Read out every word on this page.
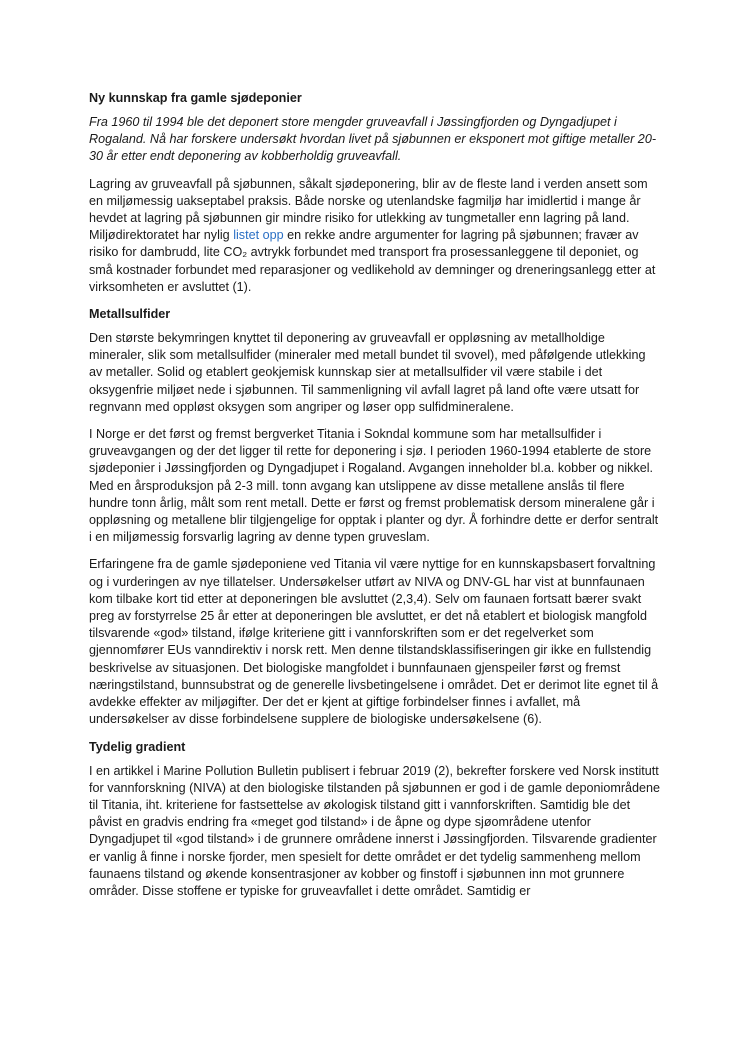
Ny kunnskap fra gamle sjødeponier

Fra 1960 til 1994 ble det deponert store mengder gruveavfall i Jøssingfjorden og Dyngadjupet i Rogaland. Nå har forskere undersøkt hvordan livet på sjøbunnen er eksponert mot giftige metaller 20-30 år etter endt deponering av kobberholdig gruveavfall.

Lagring av gruveavfall på sjøbunnen, såkalt sjødeponering, blir av de fleste land i verden ansett som en miljømessig uakseptabel praksis. Både norske og utenlandske fagmiljø har imidlertid i mange år hevdet at lagring på sjøbunnen gir mindre risiko for utlekking av tungmetaller enn lagring på land. Miljødirektoratet har nylig listet opp en rekke andre argumenter for lagring på sjøbunnen; fravær av risiko for dambrudd, lite CO₂ avtrykk forbundet med transport fra prosessanleggene til deponiet, og små kostnader forbundet med reparasjoner og vedlikehold av demninger og dreneringsanlegg etter at virksomheten er avsluttet (1).

Metallsulfider

Den største bekymringen knyttet til deponering av gruveavfall er oppløsning av metallholdige mineraler, slik som metallsulfider (mineraler med metall bundet til svovel), med påfølgende utlekking av metaller. Solid og etablert geokjemisk kunnskap sier at metallsulfider vil være stabile i det oksygenfrie miljøet nede i sjøbunnen. Til sammenligning vil avfall lagret på land ofte være utsatt for regnvann med oppløst oksygen som angriper og løser opp sulfidmineralene.

I Norge er det først og fremst bergverket Titania i Sokndal kommune som har metallsulfider i gruveavgangen og der det ligger til rette for deponering i sjø. I perioden 1960-1994 etablerte de store sjødeponier i Jøssingfjorden og Dyngadjupet i Rogaland. Avgangen inneholder bl.a. kobber og nikkel. Med en årsproduksjon på 2-3 mill. tonn avgang kan utslippene av disse metallene anslås til flere hundre tonn årlig, målt som rent metall. Dette er først og fremst problematisk dersom mineralene går i oppløsning og metallene blir tilgjengelige for opptak i planter og dyr. Å forhindre dette er derfor sentralt i en miljømessig forsvarlig lagring av denne typen gruveslam.

Erfaringene fra de gamle sjødeponiene ved Titania vil være nyttige for en kunnskapsbasert forvaltning og i vurderingen av nye tillatelser. Undersøkelser utført av NIVA og DNV-GL har vist at bunnfaunaen kom tilbake kort tid etter at deponeringen ble avsluttet (2,3,4). Selv om faunaen fortsatt bærer svakt preg av forstyrrelse 25 år etter at deponeringen ble avsluttet, er det nå etablert et biologisk mangfold tilsvarende «god» tilstand, ifølge kriteriene gitt i vannforskriften som er det regelverket som gjennomfører EUs vanndirektiv i norsk rett. Men denne tilstandsklassifiseringen gir ikke en fullstendig beskrivelse av situasjonen. Det biologiske mangfoldet i bunnfaunaen gjenspeiler først og fremst næringstilstand, bunnsubstrat og de generelle livsbetingelsene i området. Det er derimot lite egnet til å avdekke effekter av miljøgifter. Der det er kjent at giftige forbindelser finnes i avfallet, må undersøkelser av disse forbindelsene supplere de biologiske undersøkelsene (6).

Tydelig gradient

I en artikkel i Marine Pollution Bulletin publisert i februar 2019 (2), bekrefter forskere ved Norsk institutt for vannforskning (NIVA) at den biologiske tilstanden på sjøbunnen er god i de gamle deponiområdene til Titania, iht. kriteriene for fastsettelse av økologisk tilstand gitt i vannforskriften. Samtidig ble det påvist en gradvis endring fra «meget god tilstand» i de åpne og dype sjøområdene utenfor Dyngadjupet til «god tilstand» i de grunnere områdene innerst i Jøssingfjorden. Tilsvarende gradienter er vanlig å finne i norske fjorder, men spesielt for dette området er det tydelig sammenheng mellom faunaens tilstand og økende konsentrasjoner av kobber og finstoff i sjøbunnen inn mot grunnere områder. Disse stoffene er typiske for gruveavfallet i dette området. Samtidig er
